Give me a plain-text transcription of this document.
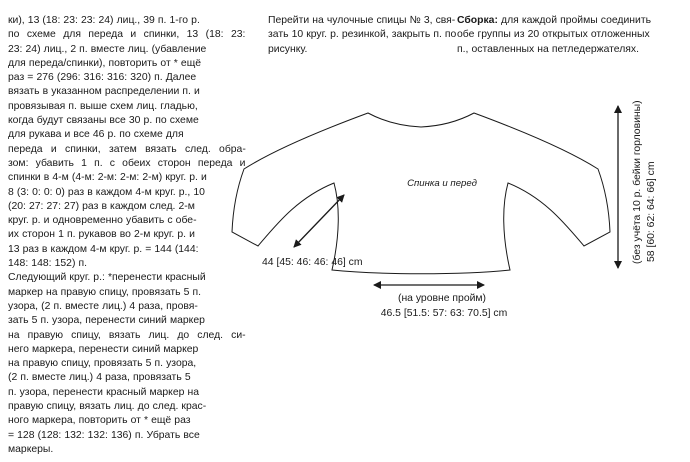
ки), 13 (18: 23: 23: 24) лиц., 39 п. 1-го р.
по схеме для переда и спинки, 13 (18: 23:
23: 24) лиц., 2 п. вместе лиц. (убавление
для переда/спинки), повторить от * ещё
раз = 276 (296: 316: 316: 320) п. Далее
вязать в указанном распределении п. и
провязывая п. выше схем лиц. гладью,
когда будут связаны все 30 р. по схеме
для рукава и все 46 р. по схеме для
переда и спинки, затем вязать след. обра-
зом: убавить 1 п. с обеих сторон переда и
спинки в 4-м (4-м: 2-м: 2-м: 2-м) круг. р. и
8 (3: 0: 0: 0) раз в каждом 4-м круг. р., 10
(20: 27: 27: 27) раз в каждом след. 2-м
круг. р. и одновременно убавить с обе-
их сторон 1 п. рукавов во 2-м круг. р. и
13 раз в каждом 4-м круг. р. = 144 (144:
148: 148: 152) п.
Следующий круг. р.: *перенести красный
маркер на правую спицу, провязать 5 п.
узора, (2 п. вместе лиц.) 4 раза, провя-
зать 5 п. узора, перенести синий маркер
на правую спицу, вязать лиц. до след. си-
него маркера, перенести синий маркер
на правую спицу, провязать 5 п. узора,
(2 п. вместе лиц.) 4 раза, провязать 5
п. узора, перенести красный маркер на
правую спицу, вязать лиц. до след. крас-
ного маркера, повторить от * ещё раз
= 128 (128: 132: 132: 136) п. Убрать все
маркеры.
Перейти на чулочные спицы № 3, свя-
зать 10 круг. р. резинкой, закрыть п. по
рисунку.
Сборка: для каждой проймы соединить
обе группы из 20 открытых отложенных
п., оставленных на петледержателях.
Спинка и перед
44 [45: 46: 46: 46] cm
(на уровне пройм)
46.5 [51.5: 57: 63: 70.5] cm
(без учёта 10 р. бейки горловины) 58 [60: 62: 64: 66] cm
